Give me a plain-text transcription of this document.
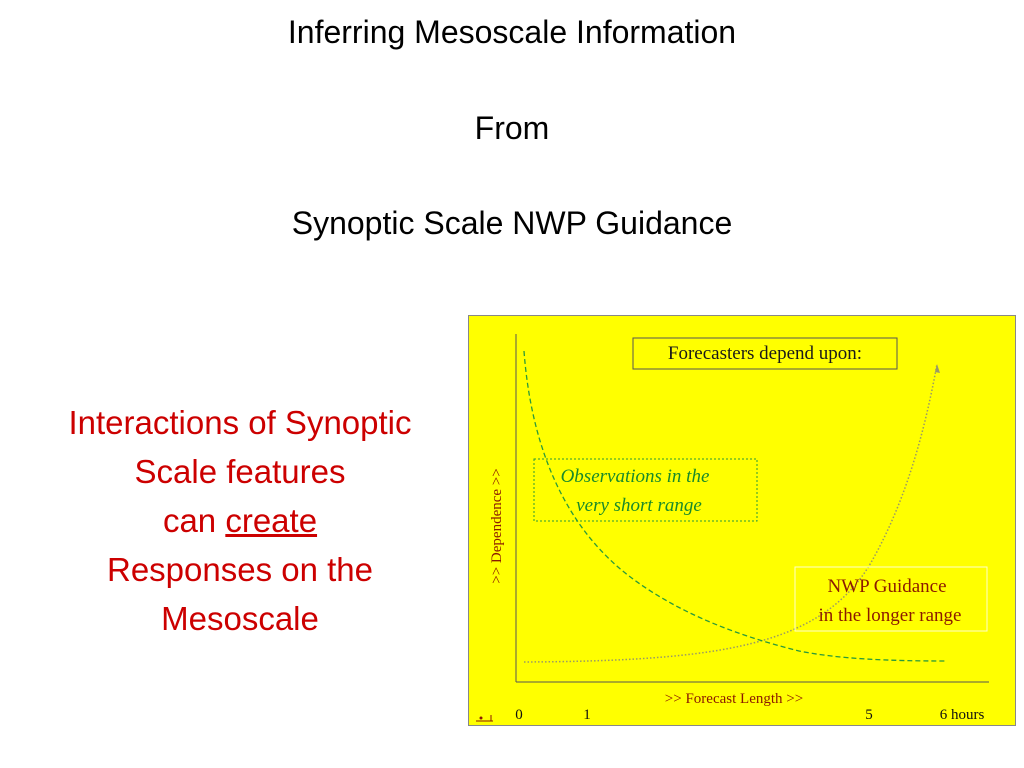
Inferring Mesoscale Information
From
Synoptic Scale NWP Guidance
Interactions of Synoptic
Scale features
can create
Responses on the
Mesoscale
Forecasters depend upon:
Observations in the
very short range
NWP Guidance
in the longer range
>> Dependence >>
>> Forecast Length >>
0	1	5	6 hours
